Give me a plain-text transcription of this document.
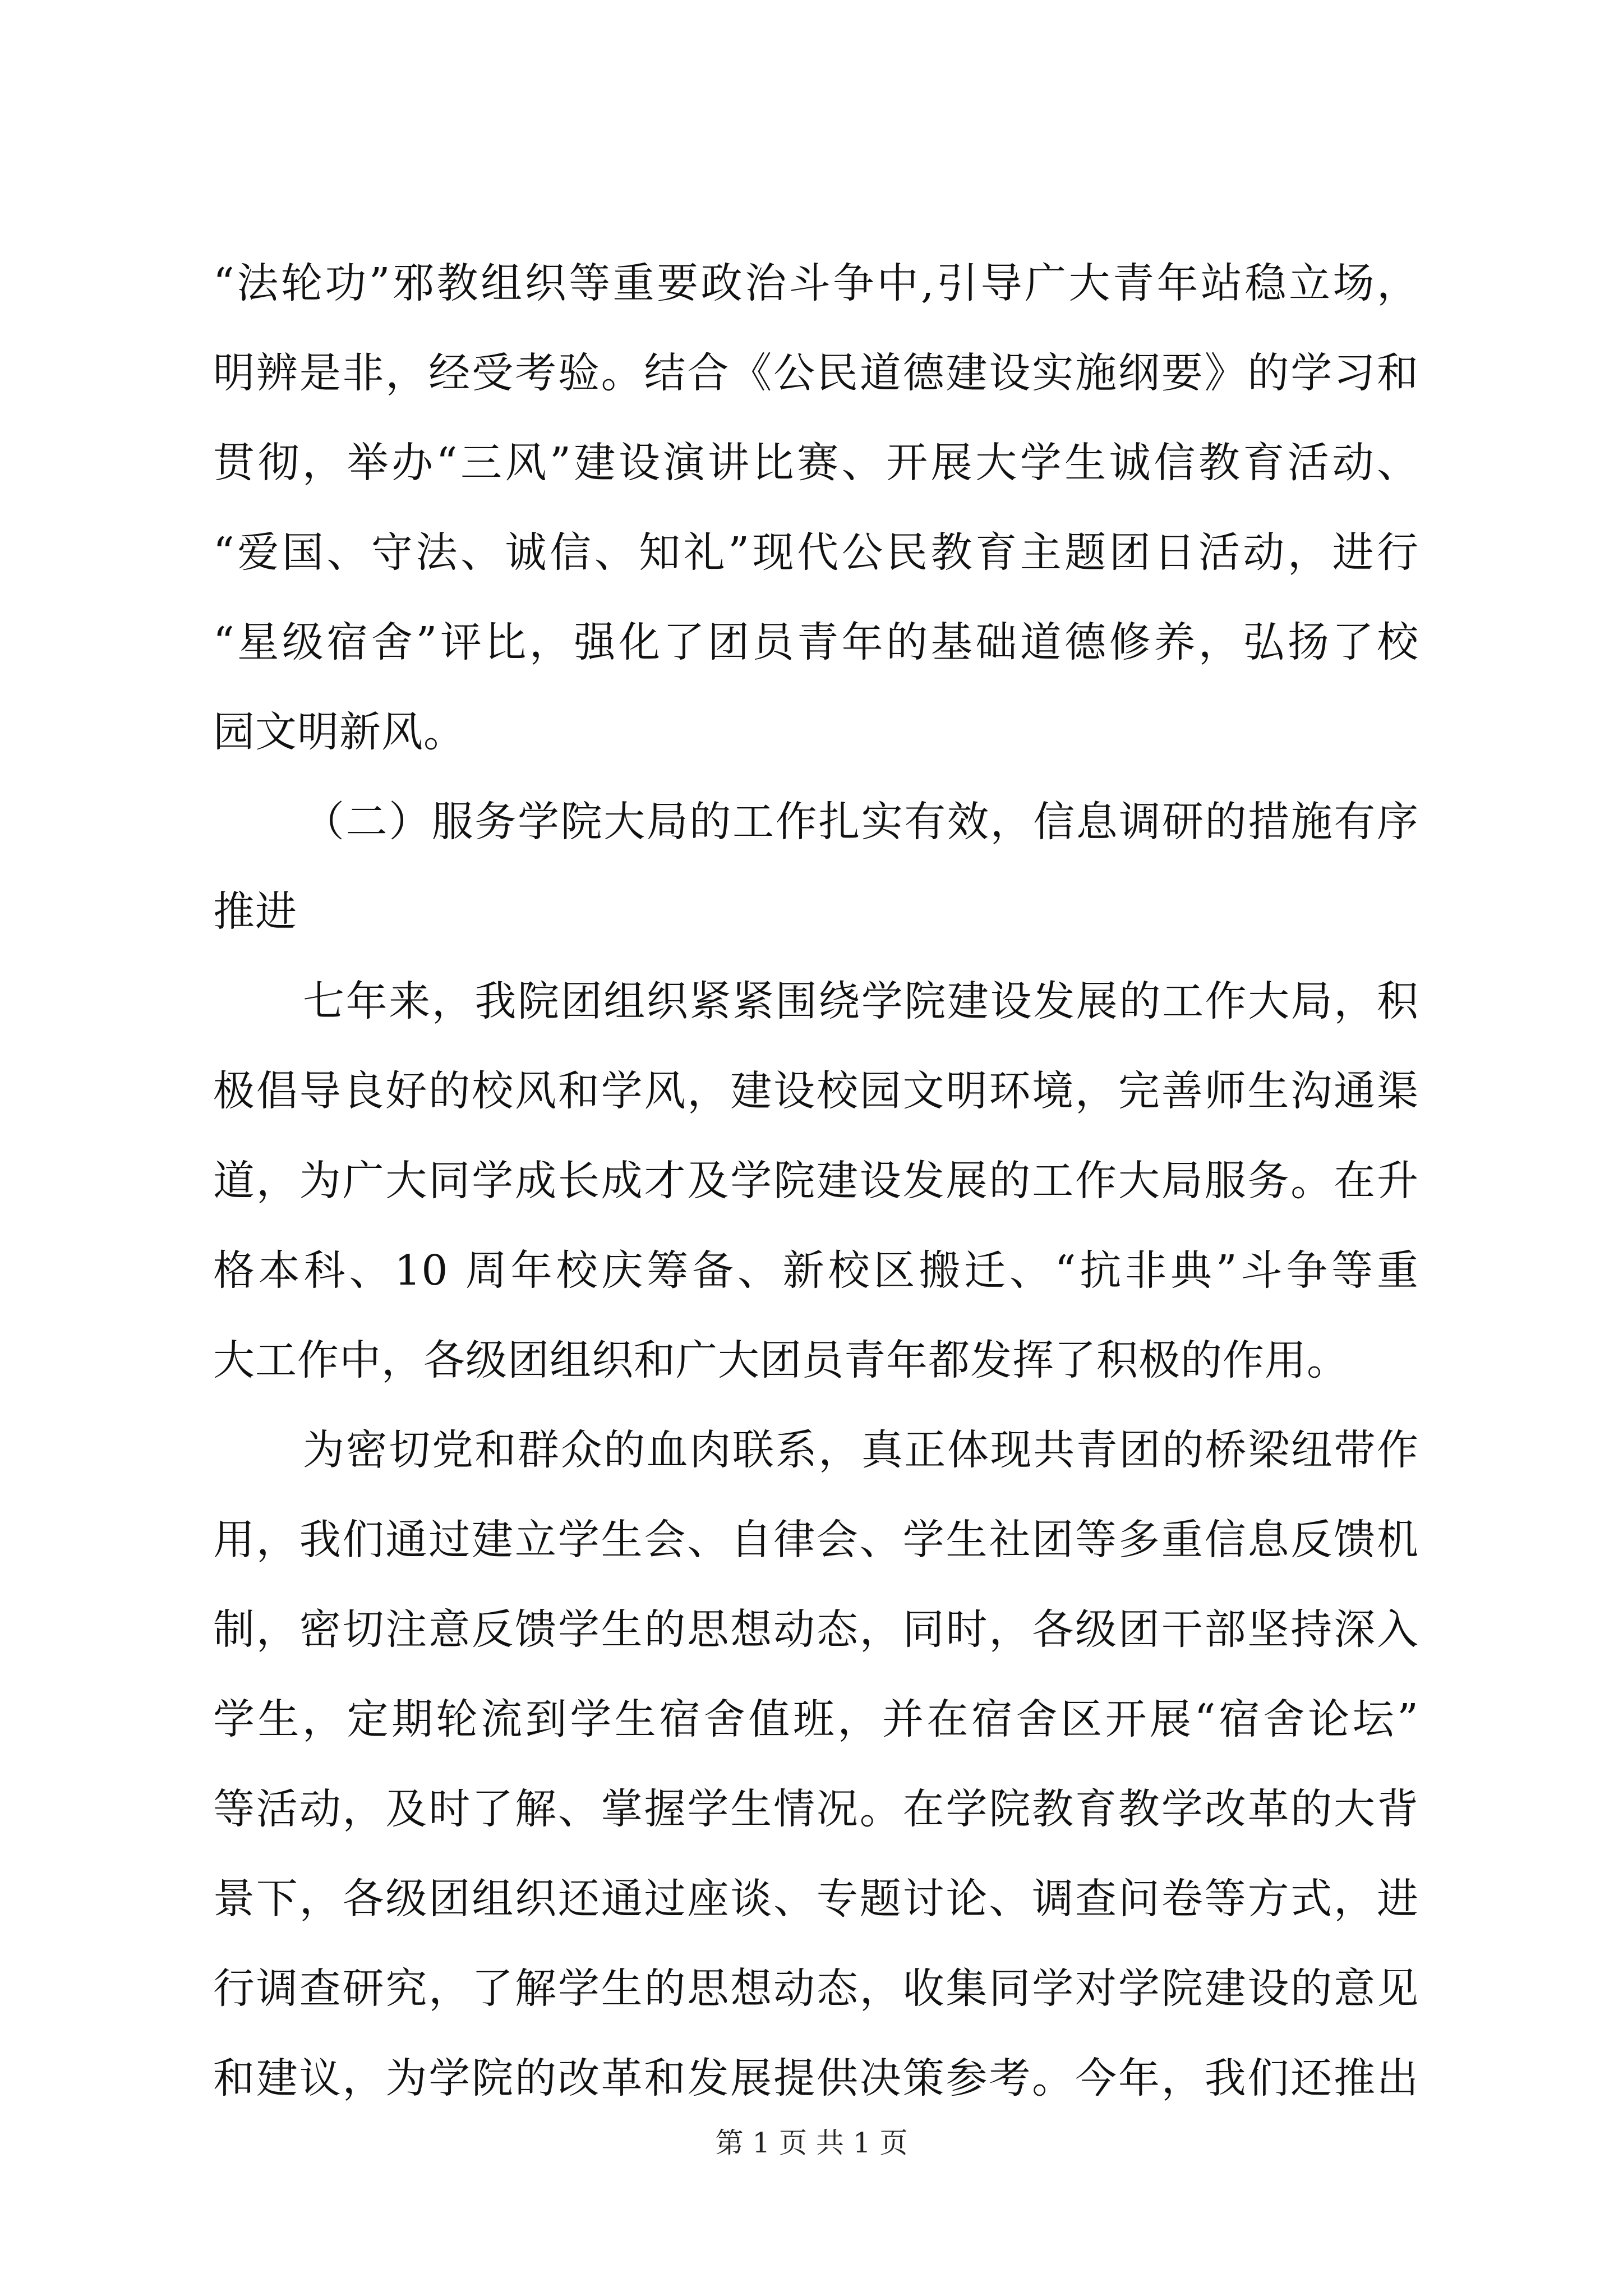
“法轮功”邪教组织等重要政治斗争中,引导广大青年站稳立场，
明辨是非，经受考验。结合《公民道德建设实施纲要》的学习和
贯彻，举办“三风”建设演讲比赛、开展大学生诚信教育活动、
“爱国、守法、诚信、知礼”现代公民教育主题团日活动，进行
“星级宿舍”评比，强化了团员青年的基础道德修养，弘扬了校
园文明新风。
（二）服务学院大局的工作扎实有效，信息调研的措施有序
推进
七年来，我院团组织紧紧围绕学院建设发展的工作大局，积
极倡导良好的校风和学风，建设校园文明环境，完善师生沟通渠
道，为广大同学成长成才及学院建设发展的工作大局服务。在升
格本科、10 周年校庆筹备、新校区搬迁、“抗非典”斗争等重
大工作中，各级团组织和广大团员青年都发挥了积极的作用。
为密切党和群众的血肉联系，真正体现共青团的桥梁纽带作
用，我们通过建立学生会、自律会、学生社团等多重信息反馈机
制，密切注意反馈学生的思想动态，同时，各级团干部坚持深入
学生，定期轮流到学生宿舍值班，并在宿舍区开展“宿舍论坛”
等活动，及时了解、掌握学生情况。在学院教育教学改革的大背
景下，各级团组织还通过座谈、专题讨论、调查问卷等方式，进
行调查研究，了解学生的思想动态，收集同学对学院建设的意见
和建议，为学院的改革和发展提供决策参考。今年，我们还推出
第 1 页 共 1 页
